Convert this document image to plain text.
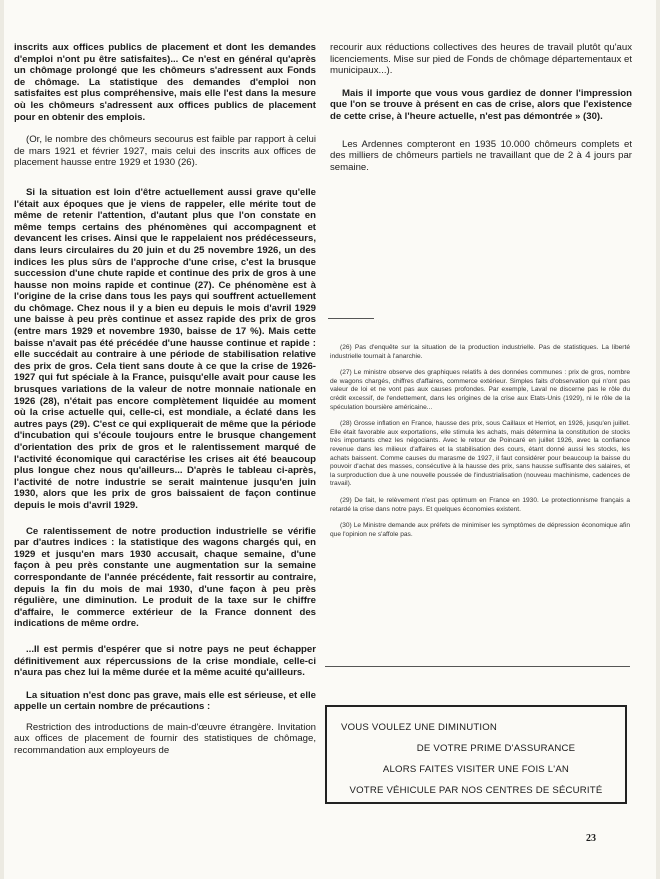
inscrits aux offices publics de placement et dont les demandes d'emploi n'ont pu être satisfaites)... Ce n'est en général qu'après un chômage prolongé que les chômeurs s'adressent aux Fonds de chômage. La statistique des demandes d'emploi non satisfaites est plus compréhensive, mais elle l'est dans la mesure où les chômeurs s'adressent aux offices publics de placement pour en obtenir des emplois.

(Or, le nombre des chômeurs secourus est faible par rapport à celui de mars 1921 et février 1927, mais celui des inscrits aux offices de placement hausse entre 1929 et 1930 (26).

Si la situation est loin d'être actuellement aussi grave qu'elle l'était aux époques que je viens de rappeler, elle mérite tout de même de retenir l'attention, d'autant plus que l'on constate en même temps certains des phénomènes qui accompagnent et devancent les crises. Ainsi que le rappelaient nos prédécesseurs, dans leurs circulaires du 20 juin et du 25 novembre 1926, un des indices les plus sûrs de l'approche d'une crise, c'est la brusque succession d'une chute rapide et continue des prix de gros à une hausse non moins rapide et continue (27). Ce phénomène est à l'origine de la crise dans tous les pays qui souffrent actuellement du chômage. Chez nous il y a bien eu depuis le mois d'avril 1929 une baisse à peu près continue et assez rapide des prix de gros (entre mars 1929 et novembre 1930, baisse de 17 %). Mais cette baisse n'avait pas été précédée d'une hausse continue et rapide : elle succédait au contraire à une période de stabilisation relative des prix de gros. Cela tient sans doute à ce que la crise de 1926-1927 qui fut spéciale à la France, puisqu'elle avait pour cause les brusques variations de la valeur de notre monnaie nationale en 1926 (28), n'était pas encore complètement liquidée au moment où la crise actuelle qui, celle-ci, est mondiale, a éclaté dans les autres pays (29). C'est ce qui expliquerait de même que la période d'incubation qui s'écoule toujours entre le brusque changement d'orientation des prix de gros et le ralentissement marqué de l'activité économique qui caractérise les crises ait été beaucoup plus longue chez nous qu'ailleurs... D'après le tableau ci-après, l'activité de notre industrie se serait maintenue jusqu'en juin 1930, alors que les prix de gros baissaient de façon continue depuis le mois d'avril 1929.

Ce ralentissement de notre production industrielle se vérifie par d'autres indices : la statistique des wagons chargés qui, en 1929 et jusqu'en mars 1930 accusait, chaque semaine, d'une façon à peu près constante une augmentation sur la semaine correspondante de l'année précédente, fait ressortir au contraire, depuis la fin du mois de mai 1930, d'une façon à peu près régulière, une diminution. Le produit de la taxe sur le chiffre d'affaire, le commerce extérieur de la France donnent des indications de même ordre.

...Il est permis d'espérer que si notre pays ne peut échapper définitivement aux répercussions de la crise mondiale, celle-ci n'aura pas chez lui la même durée et la même acuité qu'ailleurs.

La situation n'est donc pas grave, mais elle est sérieuse, et elle appelle un certain nombre de précautions :

Restriction des introductions de main-d'œuvre étrangère. Invitation aux offices de placement de fournir des statistiques de chômage, recommandation aux employeurs de

recourir aux réductions collectives des heures de travail plutôt qu'aux licenciements. Mise sur pied de Fonds de chômage départementaux et municipaux...).

Mais il importe que vous vous gardiez de donner l'impression que l'on se trouve à présent en cas de crise, alors que l'existence de cette crise, à l'heure actuelle, n'est pas démontrée » (30).

Les Ardennes compteront en 1935 10.000 chômeurs complets et des milliers de chômeurs partiels ne travaillant que de 2 à 4 jours par semaine.

(26) Pas d'enquête sur la situation de la production industrielle. Pas de statistiques. La liberté industrielle tournait à l'anarchie.

(27) Le ministre observe des graphiques relatifs à des données communes : prix de gros, nombre de wagons chargés, chiffres d'affaires, commerce extérieur. Simples faits d'observation qui n'ont pas valeur de loi et ne vont pas aux causes profondes. Par exemple, Laval ne discerne pas le rôle du crédit excessif, de l'endettement, dans les origines de la crise aux Etats-Unis (1929), ni le rôle de la spéculation boursière américaine...

(28) Grosse inflation en France, hausse des prix, sous Caillaux et Herriot, en 1926, jusqu'en juillet. Elle était favorable aux exportations, elle stimula les achats, mais détermina la constitution de stocks très importants chez les négociants. Avec le retour de Poincaré en juillet 1926, avec la confiance revenue dans les milieux d'affaires et la stabilisation des cours, étant donné aussi les stocks, les achats baissent. Comme causes du marasme de 1927, il faut considérer pour beaucoup la baisse du pouvoir d'achat des masses, consécutive à la hausse des prix, sans hausse suffisante des salaires, et la surproduction due à une nouvelle poussée de l'industrialisation (nouveau machinisme, cadences de travail).

(29) De fait, le relèvement n'est pas optimum en France en 1930. Le protectionnisme français a retardé la crise dans notre pays. Et quelques économies existent.

(30) Le Ministre demande aux préfets de minimiser les symptômes de dépression économique afin que l'opinion ne s'affole pas.

VOUS VOULEZ UNE DIMINUTION
DE VOTRE PRIME D'ASSURANCE
ALORS FAITES VISITER UNE FOIS L'AN
VOTRE VÉHICULE PAR NOS CENTRES DE SÉCURITÉ
23
